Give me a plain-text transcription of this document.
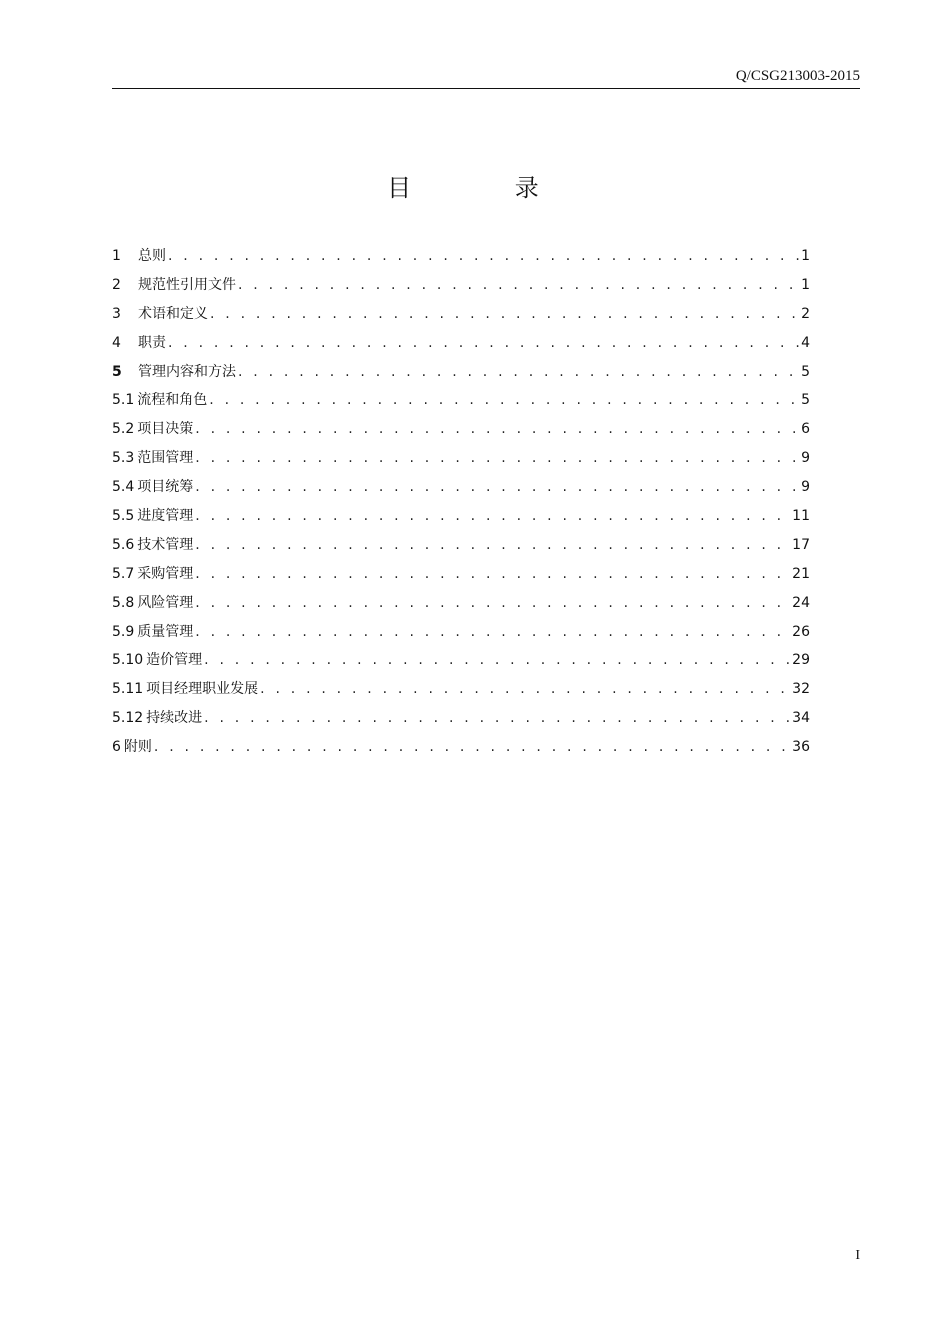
Q/CSG213003-2015
目 录
1	总则 . . .	1
2	规范性引用文件 . . .	1
3	术语和定义 . . .	2
4	职责 . . .	4
5	管理内容和方法 . . .	5
5.1 流程和角色 . . .	5
5.2 项目决策 . . .	6
5.3 范围管理 . . .	9
5.4 项目统筹 . . .	9
5.5 进度管理 . . .	11
5.6 技术管理 . . .	17
5.7 采购管理 . . .	21
5.8 风险管理 . . .	24
5.9 质量管理 . . .	26
5.10 造价管理 . . .	29
5.11 项目经理职业发展 . . .	32
5.12 持续改进 . . .	34
6 附则 . . .	36
I
